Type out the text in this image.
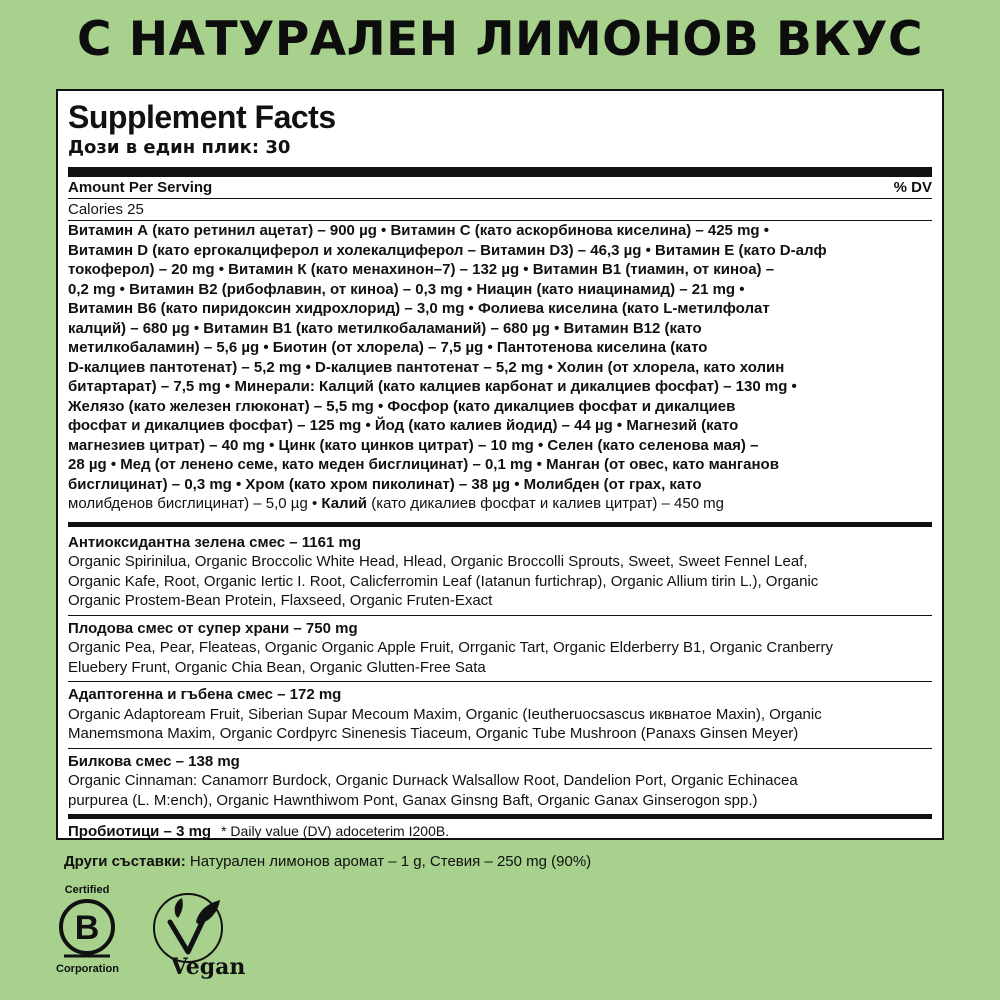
С НАТУРАЛЕН ЛИМОНОВ ВКУС
Supplement Facts
Дози в един плик: 30
Amount Per Serving	% DV
Calories 25
Витамин А (като ретинил ацетат) – 900 µg • Витамин С (като аскорбинова киселина) – 425 mg •
Витамин D (като ергокалциферол и холекалциферол – Витамин D3) – 46,3 µg • Витамин Е (като D-алф
токоферол) – 20 mg • Витамин К (като менахинон–7) – 132 µg • Витамин В1 (тиамин, от киноа) –
0,2 mg • Витамин В2 (рибофлавин, от киноа) – 0,3 mg • Ниацин (като ниацинамид) – 21 mg •
Витамин В6 (като пиридоксин хидрохлорид) – 3,0 mg • Фолиева киселина (като L-метилфолат
калций) – 680 µg • Витамин В1 (като метилкобаламаний) – 680 µg • Витамин В12 (като
метилкобаламин) – 5,6 µg • Биотин (от хлорела) – 7,5 µg • Пантотенова киселина (като
D-калциев пантотенат) – 5,2 mg • D-калциев пантотенат – 5,2 mg • Холин (от хлорела, като холин
битартарат) – 7,5 mg • Минерали: Калций (като калциев карбонат и дикалциев фосфат) – 130 mg •
Желязо (като железен глюконат) – 5,5 mg • Фосфор (като дикалциев фосфат и дикалциев
фосфат и дикалциев фосфат) – 125 mg • Йод (като калиев йодид) – 44 µg • Магнезий (като
магнезиев цитрат) – 40 mg • Цинк (като цинков цитрат) – 10 mg • Селен (като селенова мая) –
28 µg • Мед (от ленено семе, като меден бисглицинат) – 0,1 mg • Манган (от овес, като манганов
бисглицинат) – 0,3 mg • Хром (като хром пиколинат) – 38 µg • Молибден (от грах, като
молибденов бисглицинат) – 5,0 µg • Калий (като дикалиев фосфат и калиев цитрат) – 450 mg
Антиоксидантна зелена смес – 1161 mg
Organic Spirinilua, Organic Broccolic White Head, Hlead, Organic Broccolli Sprouts, Sweet, Sweet Fennel Leaf,
Organic Kafe, Root, Organic Iertic I. Root, Calicferromin Leaf (Iatanun furtichrap), Organic Allium tirin L.), Organic
Organic Prostem-Bean Protein, Flaxseed, Organic Fruten-Exact
Плодова смес от супер храни – 750 mg
Organic Pea, Pear, Fleateas, Organic Organic Apple Fruit, Orrganic Tart, Organic Elderberry B1, Organic Cranberry
Eluebery Frunt, Organic Chia Bean, Organic Glutten-Free Sata
Адаптогенна и гъбена смес – 172 mg
Organic Adaptoream Fruit, Siberian Supar Mecoum Maxim, Organic (Ieutheruocsascus иквнатое Maxin), Organic
Manemsmona Maxim, Organic Cordpyrc Sinenesis Tiaceum, Organic Tube Mushroon (Panaxs Ginsen Meyer)
Билкова смес – 138 mg
Organic Cinnaman: Canamorr Burdock, Organic Durнack Walsallow Root, Dandelion Port, Organic Echinacea
purpurea (L. M:ench), Organic Hawnthiwom Pont, Ganax Ginsng Baft, Organic Ganax Ginserogon spp.)
Пробиотици – 3 mg * Daily value (DV) adoceterim I200B.
Други съставки: Натурален лимонов аромат – 1 g, Стевия – 250 mg (90%)
Certified
B
Corporation Vegan
